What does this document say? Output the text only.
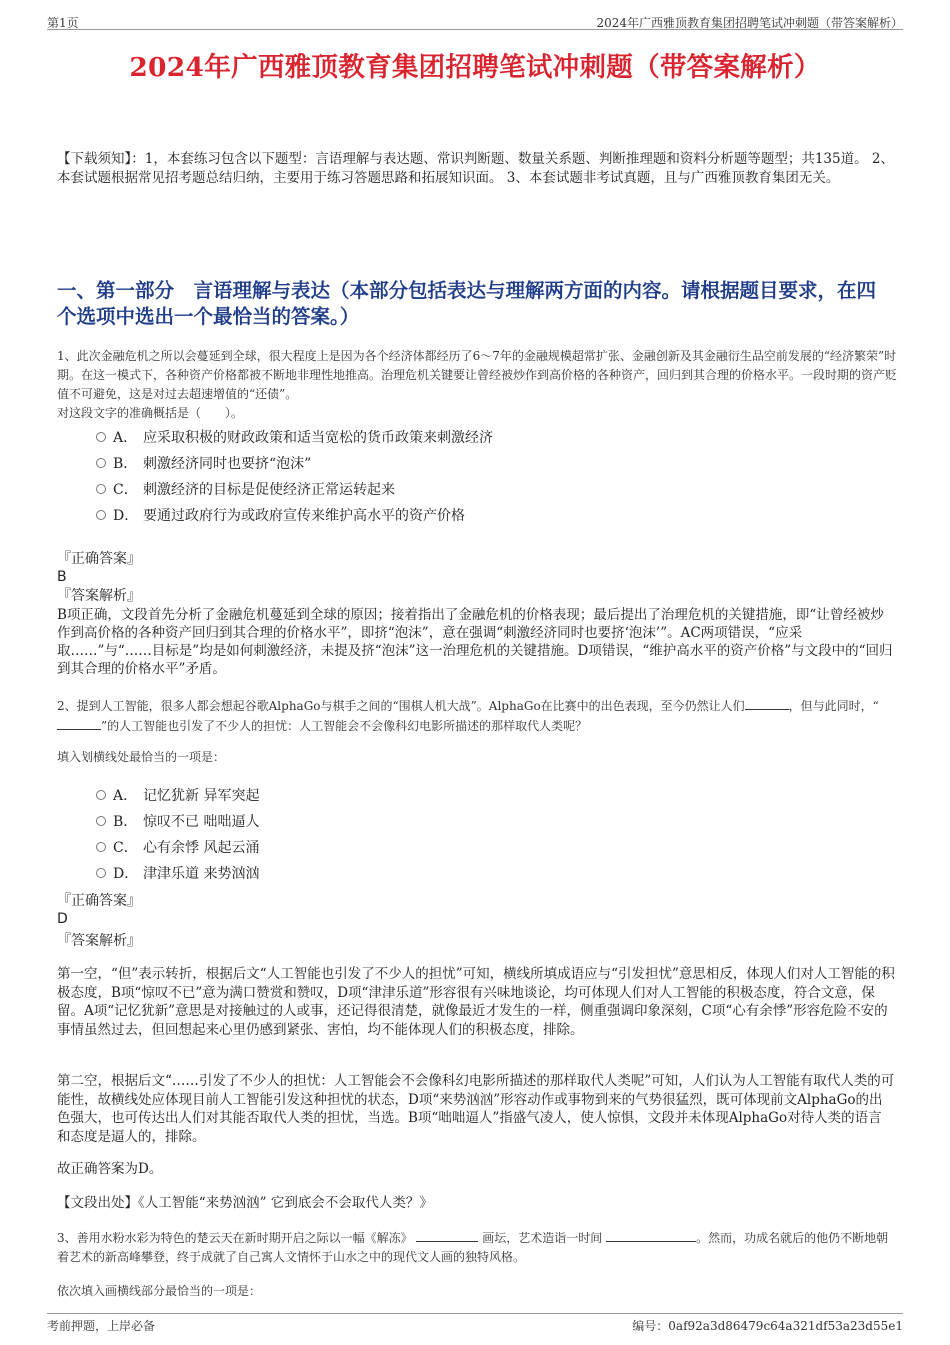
第1页	2024年广西雅顶教育集团招聘笔试冲刺题（带答案解析）
2024年广西雅顶教育集团招聘笔试冲刺题（带答案解析）

【下载须知】：1，本套练习包含以下题型：言语理解与表达题、常识判断题、数量关系题、判断推理题和资料分析题等题型；共135道。 2、本套试题根据常见招考题总结归纳，主要用于练习答题思路和拓展知识面。 3、本套试题非考试真题，且与广西雅顶教育集团无关。

一、第一部分　言语理解与表达（本部分包括表达与理解两方面的内容。请根据题目要求，在四个选项中选出一个最恰当的答案。）

1、此次金融危机之所以会蔓延到全球，很大程度上是因为各个经济体都经历了6～7年的金融规模超常扩张、金融创新及其金融衍生品空前发展的“经济繁荣”时期。在这一模式下，各种资产价格都被不断地非理性地推高。治理危机关键要让曾经被炒作到高价格的各种资产，回归到其合理的价格水平。一段时期的资产贬值不可避免，这是对过去超速增值的“还债”。

对这段文字的准确概括是（　　）。

A． 应采取积极的财政政策和适当宽松的货币政策来刺激经济
B． 刺激经济同时也要挤“泡沫”
C． 刺激经济的目标是促使经济正常运转起来
D． 要通过政府行为或政府宣传来维护高水平的资产价格
『正确答案』
B
『答案解析』

B项正确，文段首先分析了金融危机蔓延到全球的原因；接着指出了金融危机的价格表现；最后提出了治理危机的关键措施，即“让曾经被炒作到高价格的各种资产回归到其合理的价格水平”，即挤“泡沫”，意在强调“刺激经济同时也要挤‘泡沫’”。AC两项错误，“应采取……”与“……目标是”均是如何刺激经济，未提及挤“泡沫”这一治理危机的关键措施。D项错误，“维护高水平的资产价格”与文段中的“回归到其合理的价格水平”矛盾。

2、提到人工智能，很多人都会想起谷歌AlphaGo与棋手之间的“围棋人机大战”。AlphaGo在比赛中的出色表现，至今仍然让人们	，但与此同时，“”的人工智能也引发了不少人的担忧：人工智能会不会像科幻电影所描述的那样取代人类呢？

填入划横线处最恰当的一项是：

A． 记忆犹新 异军突起
B． 惊叹不已 咄咄逼人
C． 心有余悸 风起云涌
D． 津津乐道 来势汹汹
『正确答案』
D
『答案解析』

第一空，“但”表示转折，根据后文“人工智能也引发了不少人的担忧”可知，横线所填成语应与“引发担忧”意思相反，体现人们对人工智能的积极态度，B项“惊叹不已”意为满口赞赏和赞叹，D项“津津乐道”形容很有兴味地谈论，均可体现人们对人工智能的积极态度，符合文意，保留。A项“记忆犹新”意思是对接触过的人或事，还记得很清楚，就像最近才发生的一样，侧重强调印象深刻，C项“心有余悸”形容危险不安的事情虽然过去，但回想起来心里仍感到紧张、害怕，均不能体现人们的积极态度，排除。

第二空，根据后文“……引发了不少人的担忧：人工智能会不会像科幻电影所描述的那样取代人类呢”可知，人们认为人工智能有取代人类的可能性，故横线处应体现目前人工智能引发这种担忧的状态，D项“来势汹汹”形容动作或事物到来的气势很猛烈，既可体现前文AlphaGo的出色强大，也可传达出人们对其能否取代人类的担忧，当选。B项“咄咄逼人”指盛气凌人，使人惊惧，文段并未体现AlphaGo对待人类的语言和态度是逼人的，排除。

故正确答案为D。

【文段出处】《人工智能“来势汹汹” 它到底会不会取代人类？》

3、善用水粉水彩为特色的楚云天在新时期开启之际以一幅《解冻》	画坛，艺术造诣一时间	。然而，功成名就后的他仍不断地朝着艺术的新高峰攀登，终于成就了自己寓人文情怀于山水之中的现代文人画的独特风格。

依次填入画横线部分最恰当的一项是：

考前押题，上岸必备	编号：0af92a3d86479c64a321df53a23d55e1
